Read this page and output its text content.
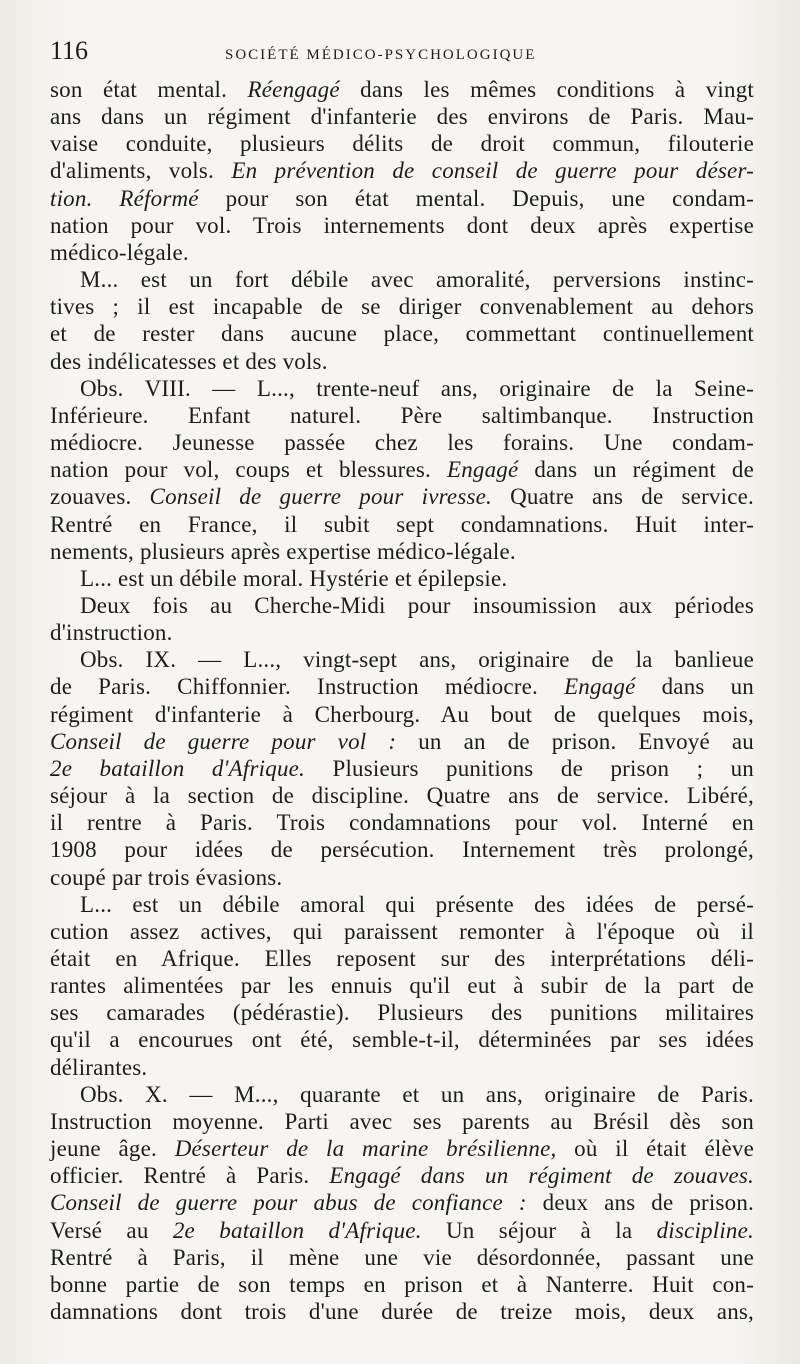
116	SOCIÉTÉ MÉDICO-PSYCHOLOGIQUE
son état mental. Réengagé dans les mêmes conditions à vingt
ans dans un régiment d'infanterie des environs de Paris. Mau-
vaise conduite, plusieurs délits de droit commun, filouterie
d'aliments, vols. En prévention de conseil de guerre pour déser-
tion. Réformé pour son état mental. Depuis, une condam-
nation pour vol. Trois internements dont deux après expertise
médico-légale.
M... est un fort débile avec amoralité, perversions instinc-
tives ; il est incapable de se diriger convenablement au dehors
et de rester dans aucune place, commettant continuellement
des indélicatesses et des vols.
Obs. VIII. — L..., trente-neuf ans, originaire de la Seine-
Inférieure. Enfant naturel. Père saltimbanque. Instruction
médiocre. Jeunesse passée chez les forains. Une condam-
nation pour vol, coups et blessures. Engagé dans un régiment de
zouaves. Conseil de guerre pour ivresse. Quatre ans de service.
Rentré en France, il subit sept condamnations. Huit inter-
nements, plusieurs après expertise médico-légale.
L... est un débile moral. Hystérie et épilepsie.
Deux fois au Cherche-Midi pour insoumission aux périodes
d'instruction.
Obs. IX. — L..., vingt-sept ans, originaire de la banlieue
de Paris. Chiffonnier. Instruction médiocre. Engagé dans un
régiment d'infanterie à Cherbourg. Au bout de quelques mois,
Conseil de guerre pour vol : un an de prison. Envoyé au
2e bataillon d'Afrique. Plusieurs punitions de prison ; un
séjour à la section de discipline. Quatre ans de service. Libéré,
il rentre à Paris. Trois condamnations pour vol. Interné en
1908 pour idées de persécution. Internement très prolongé,
coupé par trois évasions.
L... est un débile amoral qui présente des idées de persé-
cution assez actives, qui paraissent remonter à l'époque où il
était en Afrique. Elles reposent sur des interprétations déli-
rantes alimentées par les ennuis qu'il eut à subir de la part de
ses camarades (pédérastie). Plusieurs des punitions militaires
qu'il a encourues ont été, semble-t-il, déterminées par ses idées
délirantes.
Obs. X. — M..., quarante et un ans, originaire de Paris.
Instruction moyenne. Parti avec ses parents au Brésil dès son
jeune âge. Déserteur de la marine brésilienne, où il était élève
officier. Rentré à Paris. Engagé dans un régiment de zouaves.
Conseil de guerre pour abus de confiance : deux ans de prison.
Versé au 2e bataillon d'Afrique. Un séjour à la discipline.
Rentré à Paris, il mène une vie désordonnée, passant une
bonne partie de son temps en prison et à Nanterre. Huit con-
damnations dont trois d'une durée de treize mois, deux ans,
